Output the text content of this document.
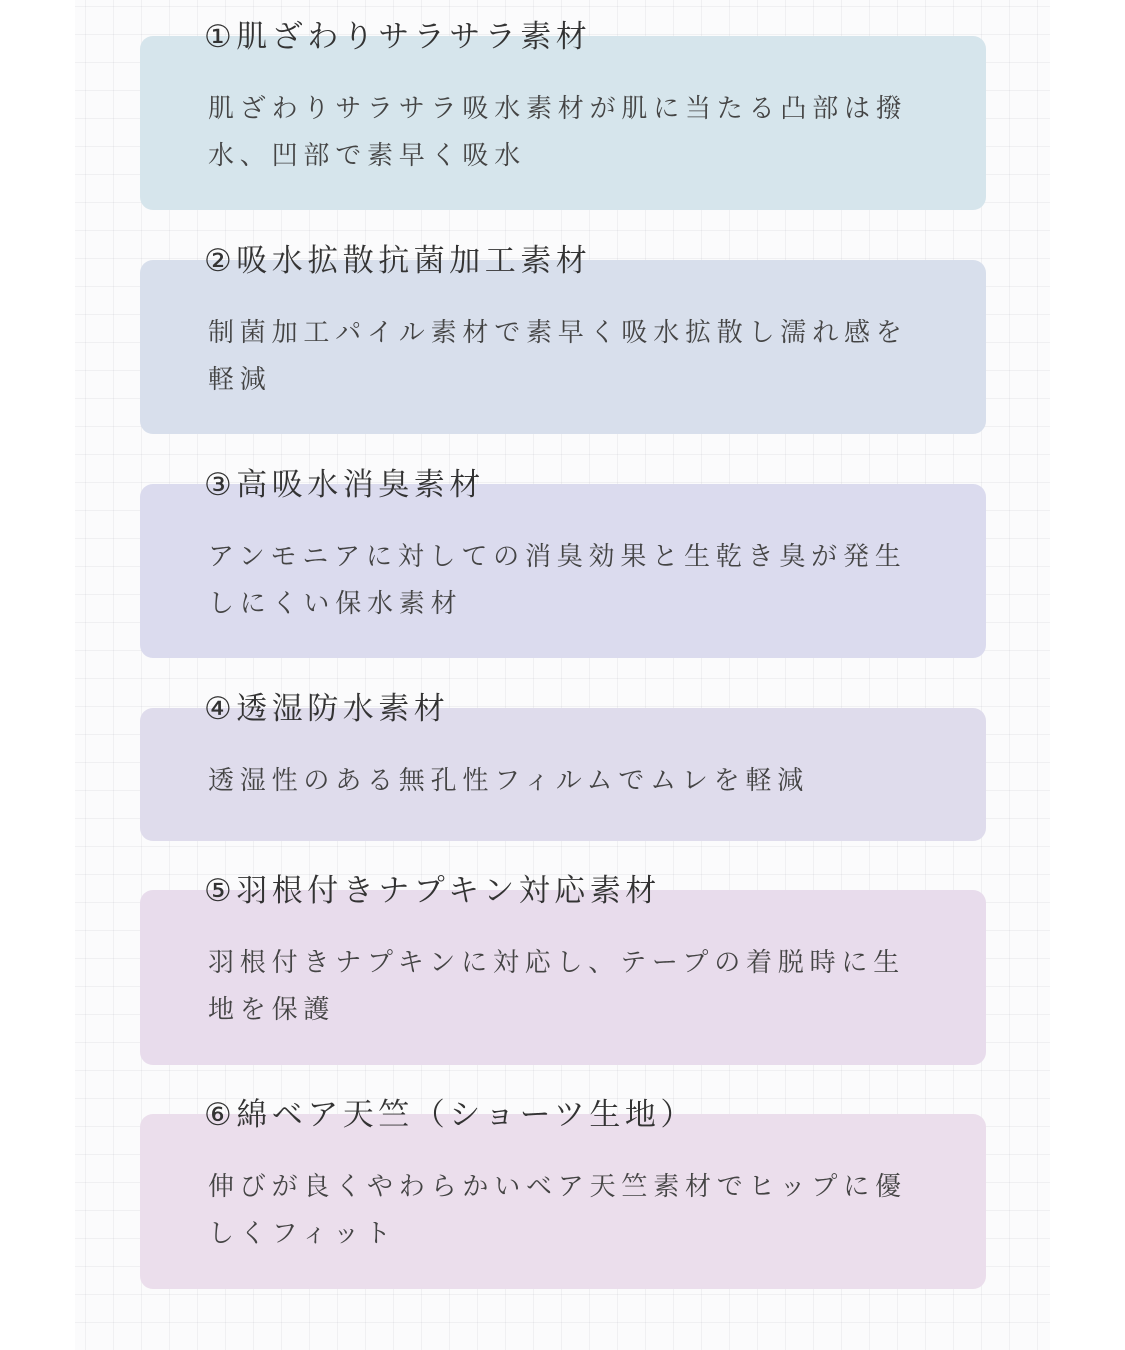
①肌ざわりサラサラ素材

肌ざわりサラサラ吸水素材が肌に当たる凸部は撥水、凹部で素早く吸水

②吸水拡散抗菌加工素材

制菌加工パイル素材で素早く吸水拡散し濡れ感を軽減

③高吸水消臭素材

アンモニアに対しての消臭効果と生乾き臭が発生しにくい保水素材

④透湿防水素材

透湿性のある無孔性フィルムでムレを軽減

⑤羽根付きナプキン対応素材

羽根付きナプキンに対応し、テープの着脱時に生地を保護

⑥綿ベア天竺（ショーツ生地）

伸びが良くやわらかいベア天竺素材でヒップに優しくフィット
